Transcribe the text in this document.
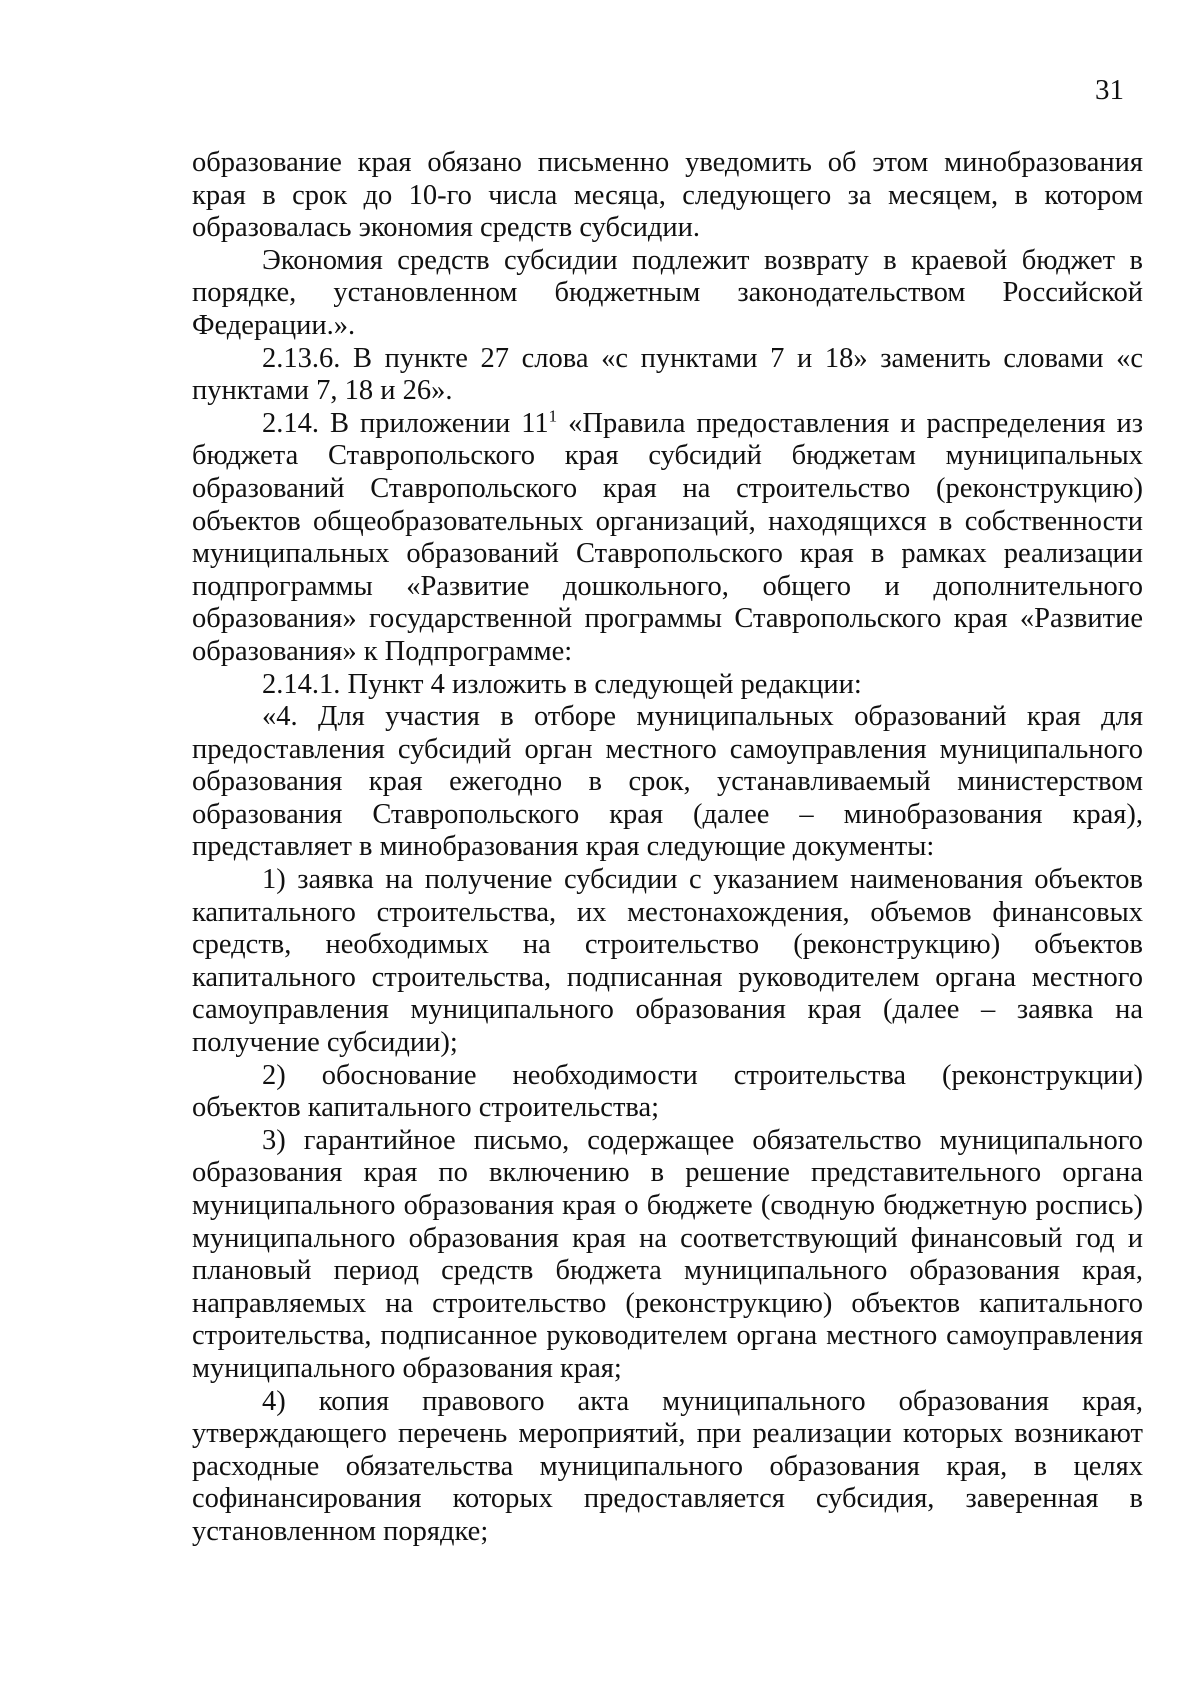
31

образование края обязано письменно уведомить об этом минобразования края в срок до 10-го числа месяца, следующего за месяцем, в котором образовалась экономия средств субсидии.

Экономия средств субсидии подлежит возврату в краевой бюджет в порядке, установленном бюджетным законодательством Российской Федерации.».

2.13.6. В пункте 27 слова «с пунктами 7 и 18» заменить словами «с пунктами 7, 18 и 26».

2.14. В приложении $11^1$ «Правила предоставления и распределения из бюджета Ставропольского края субсидий бюджетам муниципальных образований Ставропольского края на строительство (реконструкцию) объектов общеобразовательных организаций, находящихся в собственности муниципальных образований Ставропольского края в рамках реализации подпрограммы «Развитие дошкольного, общего и дополнительного образования» государственной программы Ставропольского края «Развитие образования» к Подпрограмме:

2.14.1. Пункт 4 изложить в следующей редакции:

«4. Для участия в отборе муниципальных образований края для предоставления субсидий орган местного самоуправления муниципального образования края ежегодно в срок, устанавливаемый министерством образования Ставропольского края (далее – минобразования края), представляет в минобразования края следующие документы:

1) заявка на получение субсидии с указанием наименования объектов капитального строительства, их местонахождения, объемов финансовых средств, необходимых на строительство (реконструкцию) объектов капитального строительства, подписанная руководителем органа местного самоуправления муниципального образования края (далее – заявка на получение субсидии);

2) обоснование необходимости строительства (реконструкции) объектов капитального строительства;

3) гарантийное письмо, содержащее обязательство муниципального образования края по включению в решение представительного органа муниципального образования края о бюджете (сводную бюджетную роспись) муниципального образования края на соответствующий финансовый год и плановый период средств бюджета муниципального образования края, направляемых на строительство (реконструкцию) объектов капитального строительства, подписанное руководителем органа местного самоуправления муниципального образования края;

4) копия правового акта муниципального образования края, утверждающего перечень мероприятий, при реализации которых возникают расходные обязательства муниципального образования края, в целях софинансирования которых предоставляется субсидия, заверенная в установленном порядке;
